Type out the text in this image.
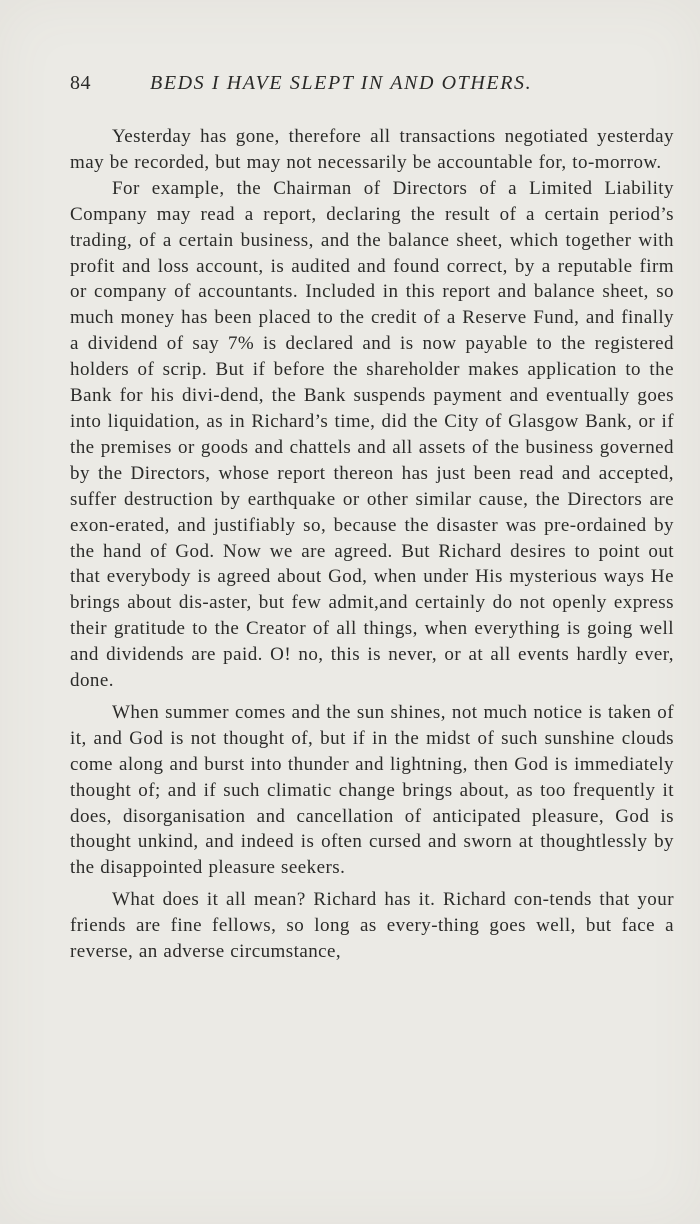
84	BEDS I HAVE SLEPT IN AND OTHERS.

Yesterday has gone, therefore all transactions negotiated yesterday may be recorded, but may not necessarily be accountable for, to-morrow.

For example, the Chairman of Directors of a Limited Liability Company may read a report, declaring the result of a certain period’s trading, of a certain business, and the balance sheet, which together with profit and loss account, is audited and found correct, by a reputable firm or company of accountants. Included in this report and balance sheet, so much money has been placed to the credit of a Reserve Fund, and finally a dividend of say 7% is declared and is now payable to the registered holders of scrip. But if before the shareholder makes application to the Bank for his divi-dend, the Bank suspends payment and eventually goes into liquidation, as in Richard’s time, did the City of Glasgow Bank, or if the premises or goods and chattels and all assets of the business governed by the Directors, whose report thereon has just been read and accepted, suffer destruction by earthquake or other similar cause, the Directors are exon-erated, and justifiably so, because the disaster was pre-ordained by the hand of God. Now we are agreed. But Richard desires to point out that everybody is agreed about God, when under His mysterious ways He brings about dis-aster, but few admit,and certainly do not openly express their gratitude to the Creator of all things, when everything is going well and dividends are paid. O! no, this is never, or at all events hardly ever, done.

When summer comes and the sun shines, not much notice is taken of it, and God is not thought of, but if in the midst of such sunshine clouds come along and burst into thunder and lightning, then God is immediately thought of; and if such climatic change brings about, as too frequently it does, disorganisation and cancellation of anticipated pleasure, God is thought unkind, and indeed is often cursed and sworn at thoughtlessly by the disappointed pleasure seekers.

What does it all mean? Richard has it. Richard con-tends that your friends are fine fellows, so long as every-thing goes well, but face a reverse, an adverse circumstance,
